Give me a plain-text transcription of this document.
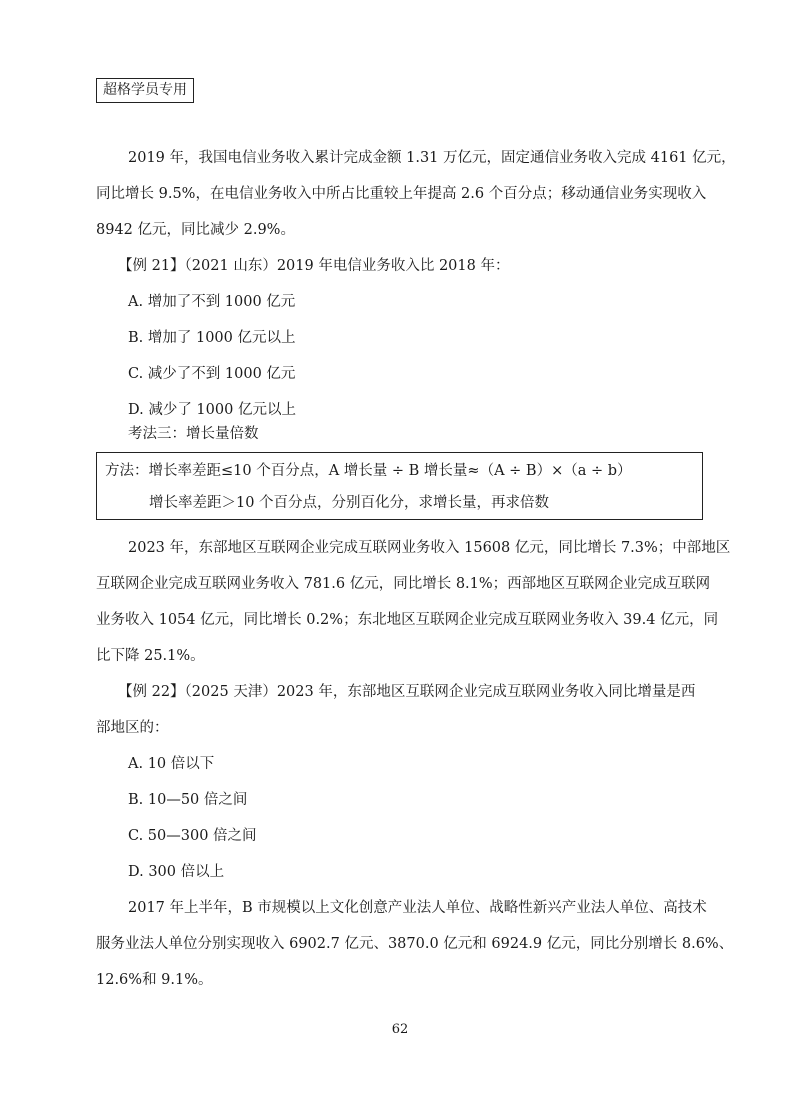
超格学员专用
2019 年，我国电信业务收入累计完成金额 1.31 万亿元，固定通信业务收入完成 4161 亿元，
同比增长 9.5%，在电信业务收入中所占比重较上年提高 2.6 个百分点；移动通信业务实现收入
8942 亿元，同比减少 2.9%。
【例 21】（2021 山东）2019 年电信业务收入比 2018 年：
A. 增加了不到 1000 亿元
B. 增加了 1000 亿元以上
C. 减少了不到 1000 亿元
D. 减少了 1000 亿元以上
考法三：增长量倍数
方法：增长率差距≤10 个百分点，A 增长量 ÷ B 增长量≈（A ÷ B）×（a ÷ b）
增长率差距＞10 个百分点，分别百化分，求增长量，再求倍数
2023 年，东部地区互联网企业完成互联网业务收入 15608 亿元，同比增长 7.3%；中部地区
互联网企业完成互联网业务收入 781.6 亿元，同比增长 8.1%；西部地区互联网企业完成互联网
业务收入 1054 亿元，同比增长 0.2%；东北地区互联网企业完成互联网业务收入 39.4 亿元，同
比下降 25.1%。
【例 22】（2025 天津）2023 年，东部地区互联网企业完成互联网业务收入同比增量是西
部地区的：
A. 10 倍以下
B. 10—50 倍之间
C. 50—300 倍之间
D. 300 倍以上
2017 年上半年，B 市规模以上文化创意产业法人单位、战略性新兴产业法人单位、高技术
服务业法人单位分别实现收入 6902.7 亿元、3870.0 亿元和 6924.9 亿元，同比分别增长 8.6%、
12.6%和 9.1%。
62
